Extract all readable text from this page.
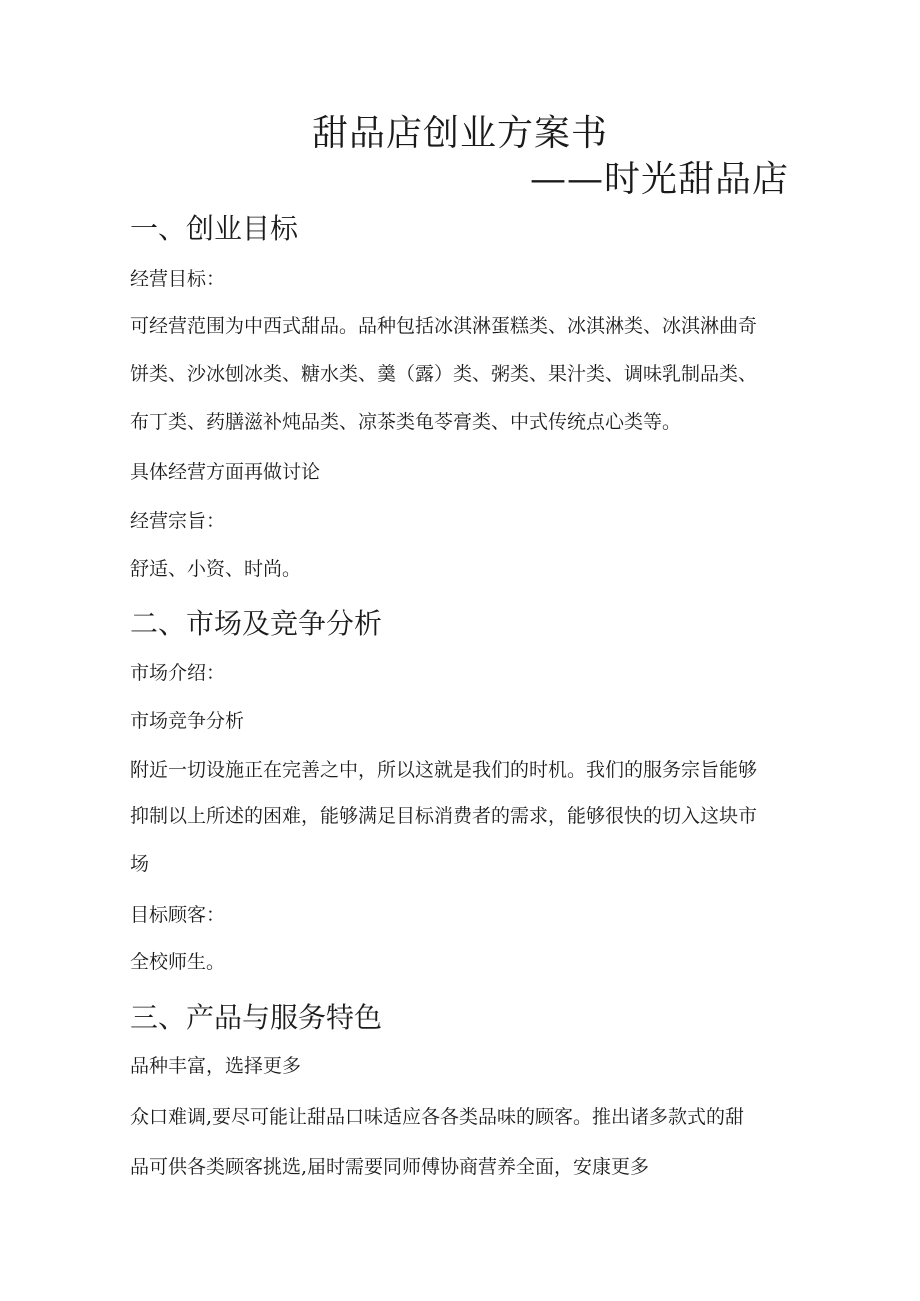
甜品店创业方案书
——时光甜品店
一、创业目标

经营目标：

可经营范围为中西式甜品。品种包括冰淇淋蛋糕类、冰淇淋类、冰淇淋曲奇

饼类、沙冰刨冰类、糖水类、羹（露）类、粥类、果汁类、调味乳制品类、

布丁类、药膳滋补炖品类、凉茶类龟苓膏类、中式传统点心类等。

具体经营方面再做讨论

经营宗旨：

舒适、小资、时尚。

二、市场及竞争分析

市场介绍：

市场竞争分析

附近一切设施正在完善之中，所以这就是我们的时机。我们的服务宗旨能够

抑制以上所述的困难，能够满足目标消费者的需求，能够很快的切入这块市

场

目标顾客：

全校师生。

三、产品与服务特色

品种丰富，选择更多

众口难调,要尽可能让甜品口味适应各各类品味的顾客。推出诸多款式的甜

品可供各类顾客挑选,届时需要同师傅协商营养全面，安康更多
